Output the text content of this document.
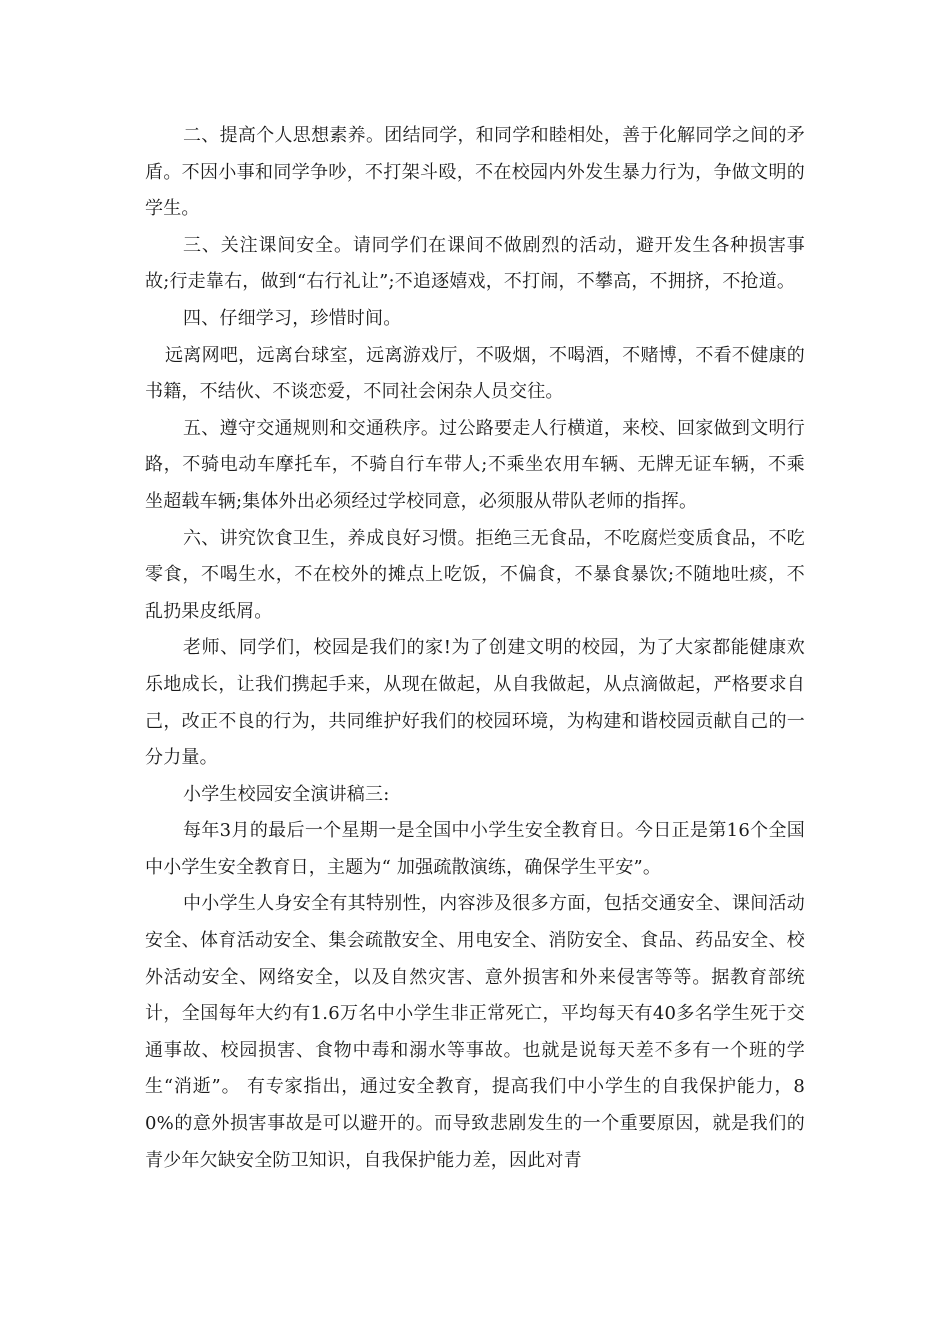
二、提高个人思想素养。团结同学，和同学和睦相处，善于化解同学之间的矛盾。不因小事和同学争吵，不打架斗殴，不在校园内外发生暴力行为，争做文明的学生。

三、关注课间安全。请同学们在课间不做剧烈的活动，避开发生各种损害事故;行走靠右，做到“右行礼让”;不追逐嬉戏，不打闹，不攀高，不拥挤，不抢道。

四、仔细学习，珍惜时间。

远离网吧，远离台球室，远离游戏厅，不吸烟，不喝酒，不赌博，不看不健康的书籍，不结伙、不谈恋爱，不同社会闲杂人员交往。

五、遵守交通规则和交通秩序。过公路要走人行横道，来校、回家做到文明行路，不骑电动车摩托车，不骑自行车带人;不乘坐农用车辆、无牌无证车辆，不乘坐超载车辆;集体外出必须经过学校同意，必须服从带队老师的指挥。

六、讲究饮食卫生，养成良好习惯。拒绝三无食品，不吃腐烂变质食品，不吃零食，不喝生水，不在校外的摊点上吃饭，不偏食，不暴食暴饮;不随地吐痰，不乱扔果皮纸屑。

老师、同学们，校园是我们的家!为了创建文明的校园，为了大家都能健康欢乐地成长，让我们携起手来，从现在做起，从自我做起，从点滴做起，严格要求自己，改正不良的行为，共同维护好我们的校园环境，为构建和谐校园贡献自己的一分力量。

小学生校园安全演讲稿三:

每年3月的最后一个星期一是全国中小学生安全教育日。今日正是第16个全国中小学生安全教育日，主题为“ 加强疏散演练，确保学生平安”。

中小学生人身安全有其特别性，内容涉及很多方面，包括交通安全、课间活动安全、体育活动安全、集会疏散安全、用电安全、消防安全、食品、药品安全、校外活动安全、网络安全，以及自然灾害、意外损害和外来侵害等等。据教育部统计，全国每年大约有1.6万名中小学生非正常死亡，平均每天有40多名学生死于交通事故、校园损害、食物中毒和溺水等事故。也就是说每天差不多有一个班的学生“消逝”。 有专家指出，通过安全教育，提高我们中小学生的自我保护能力，80%的意外损害事故是可以避开的。而导致悲剧发生的一个重要原因，就是我们的青少年欠缺安全防卫知识，自我保护能力差，因此对青
